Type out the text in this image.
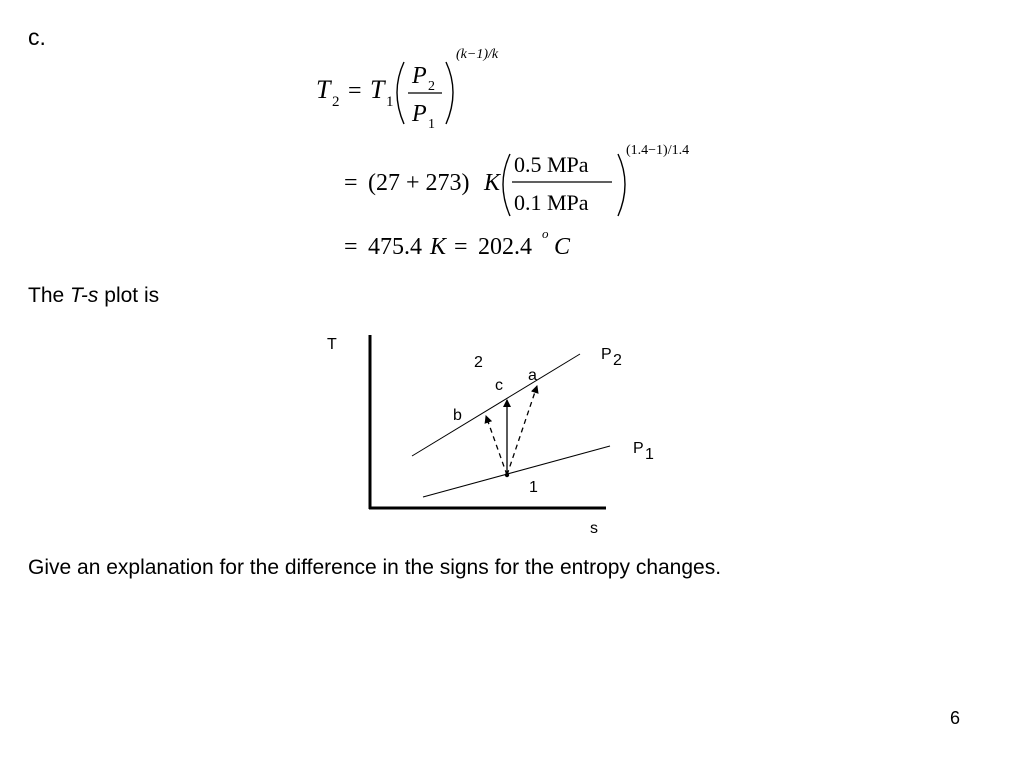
c.
T 2 = T 1
P 2
P 1
(k−1)/k
= (27 + 273) K
0.5 MPa
0.1 MPa
(1.4−1)/1.4
= 475.4 K = 202.4
o
C
The T-s plot is
T
s
P 2
P 1
2
c
a
b
1
Give an explanation for the difference in the signs for the entropy changes.
6
